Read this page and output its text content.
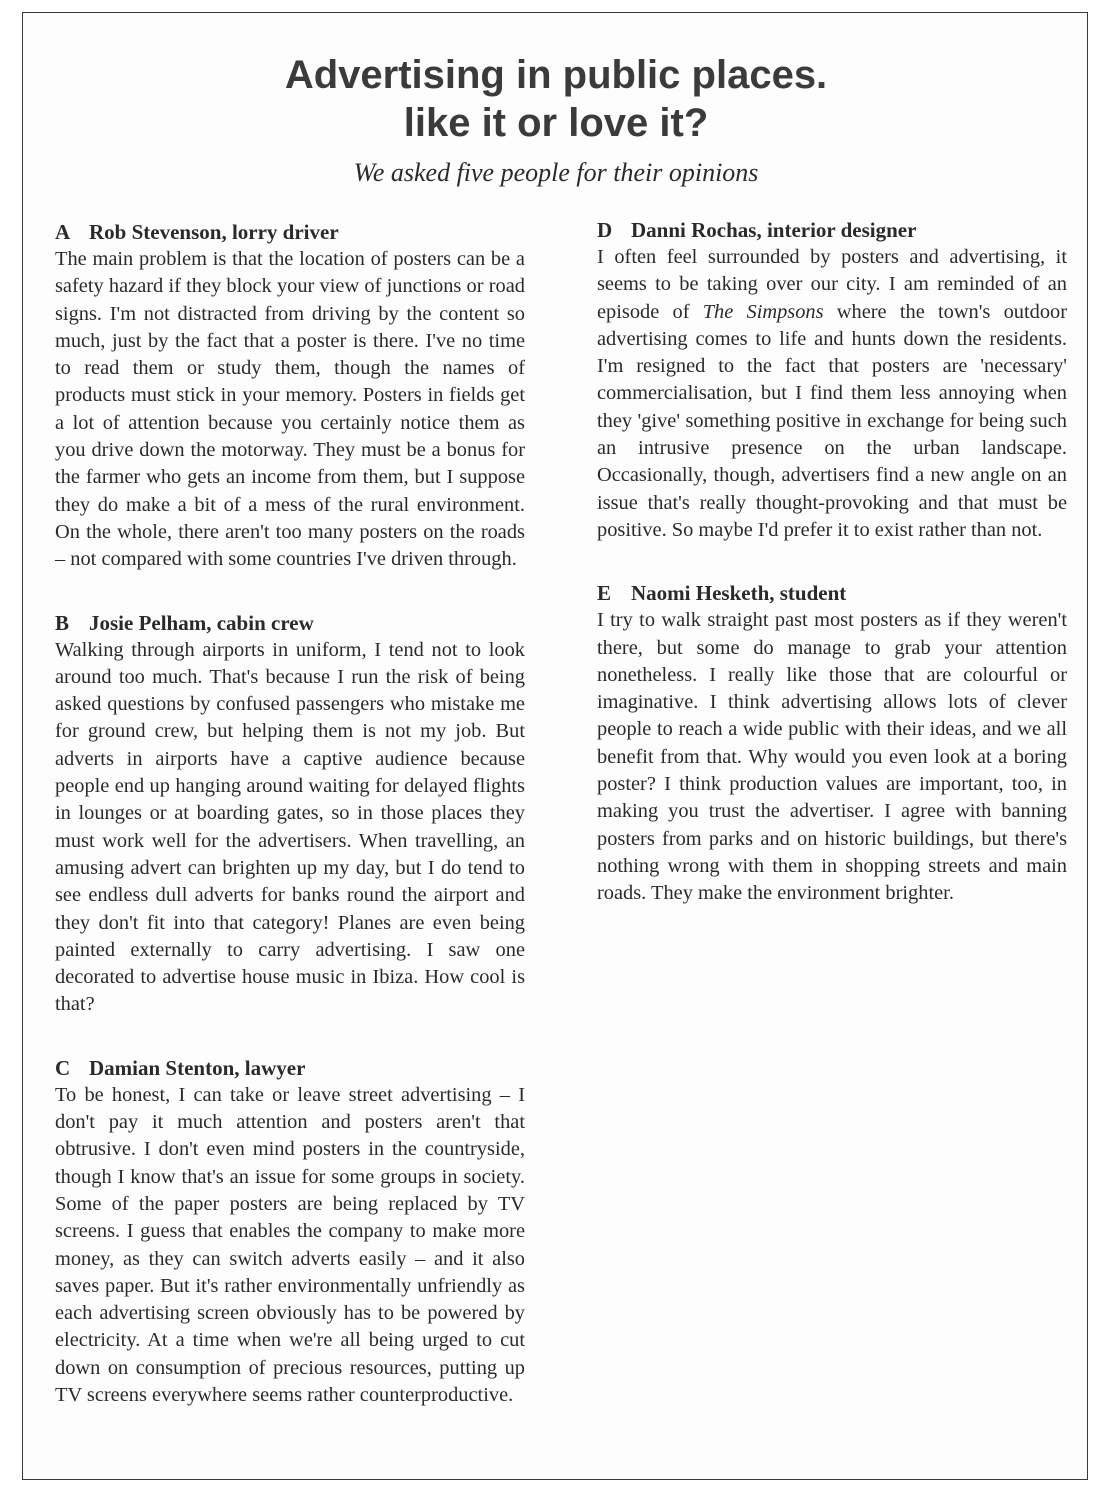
Advertising in public places.
like it or love it?

We asked five people for their opinions

A Rob Stevenson, lorry driver

The main problem is that the location of posters can be a safety hazard if they block your view of junctions or road signs. I'm not distracted from driving by the content so much, just by the fact that a poster is there. I've no time to read them or study them, though the names of products must stick in your memory. Posters in fields get a lot of attention because you certainly notice them as you drive down the motorway. They must be a bonus for the farmer who gets an income from them, but I suppose they do make a bit of a mess of the rural environment. On the whole, there aren't too many posters on the roads – not compared with some countries I've driven through.

B Josie Pelham, cabin crew

Walking through airports in uniform, I tend not to look around too much. That's because I run the risk of being asked questions by confused passengers who mistake me for ground crew, but helping them is not my job. But adverts in airports have a captive audience because people end up hanging around waiting for delayed flights in lounges or at boarding gates, so in those places they must work well for the advertisers. When travelling, an amusing advert can brighten up my day, but I do tend to see endless dull adverts for banks round the airport and they don't fit into that category! Planes are even being painted externally to carry advertising. I saw one decorated to advertise house music in Ibiza. How cool is that?

C Damian Stenton, lawyer

To be honest, I can take or leave street advertising – I don't pay it much attention and posters aren't that obtrusive. I don't even mind posters in the countryside, though I know that's an issue for some groups in society. Some of the paper posters are being replaced by TV screens. I guess that enables the company to make more money, as they can switch adverts easily – and it also saves paper. But it's rather environmentally unfriendly as each advertising screen obviously has to be powered by electricity. At a time when we're all being urged to cut down on consumption of precious resources, putting up TV screens everywhere seems rather counterproductive.

D Danni Rochas, interior designer

I often feel surrounded by posters and advertising, it seems to be taking over our city. I am reminded of an episode of The Simpsons where the town's outdoor advertising comes to life and hunts down the residents. I'm resigned to the fact that posters are 'necessary' commercialisation, but I find them less annoying when they 'give' something positive in exchange for being such an intrusive presence on the urban landscape. Occasionally, though, advertisers find a new angle on an issue that's really thought-provoking and that must be positive. So maybe I'd prefer it to exist rather than not.

E Naomi Hesketh, student

I try to walk straight past most posters as if they weren't there, but some do manage to grab your attention nonetheless. I really like those that are colourful or imaginative. I think advertising allows lots of clever people to reach a wide public with their ideas, and we all benefit from that. Why would you even look at a boring poster? I think production values are important, too, in making you trust the advertiser. I agree with banning posters from parks and on historic buildings, but there's nothing wrong with them in shopping streets and main roads. They make the environment brighter.
